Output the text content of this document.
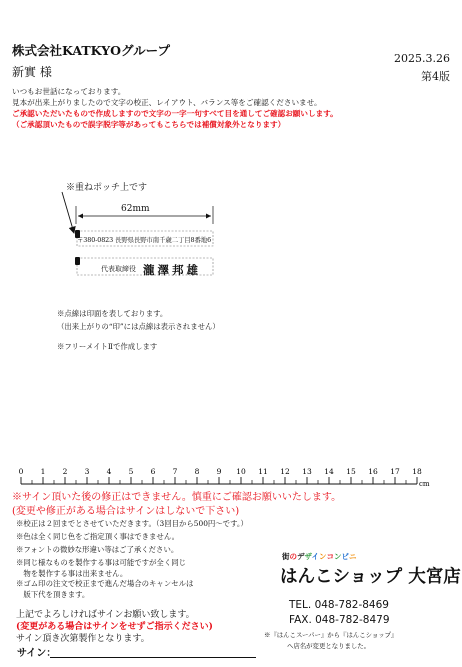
株式会社KATKYOグループ
新實 様
2025.3.26
第4版
いつもお世話になっております。
見本が出来上がりましたので文字の校正、レイアウト、バランス等をご確認くださいませ。
ご承認いただいたもので作成しますので文字の一字一句すべて目を通してご確認お願いします。
（ご承認頂いたもので誤字脱字等があってもこちらでは補償対象外となります）
※重ねポッチ上です
62mm
〒380-0823 長野県長野市南千歳二丁目8番地6
代表取締役 瀧澤邦雄
※点線は印面を表しております。
（出来上がりの“印”には点線は表示されません）
※フリーメイトⅡで作成します
0 1 2 3 4 5 6 7 8 9 10 11 12 13 14 15 16 17 18
cm
※サイン頂いた後の修正はできません。慎重にご確認お願いいたします。
(変更や修正がある場合はサインはしないで下さい)
※校正は２回までとさせていただきます。（3回目から500円〜です。）
※色は全く同じ色をご指定頂く事はできません。
※フォントの微妙な形違い等はご了承ください。
※同じ様なものを製作する事は可能ですが全く同じ
　物を製作する事は出来ません。
※ゴム印の注文で校正まで進んだ場合のキャンセルは
　版下代を頂きます。
街のデザインコンビニ
はんこショップ 大宮店
TEL. 048-782-8469
FAX. 048-782-8479
※『はんこスーパー』から『はんこショップ』
へ店名が変更となりました。
上記でよろしければサインお願い致します。
(変更がある場合はサインをせずご指示ください)
サイン頂き次第製作となります。
サイン：
